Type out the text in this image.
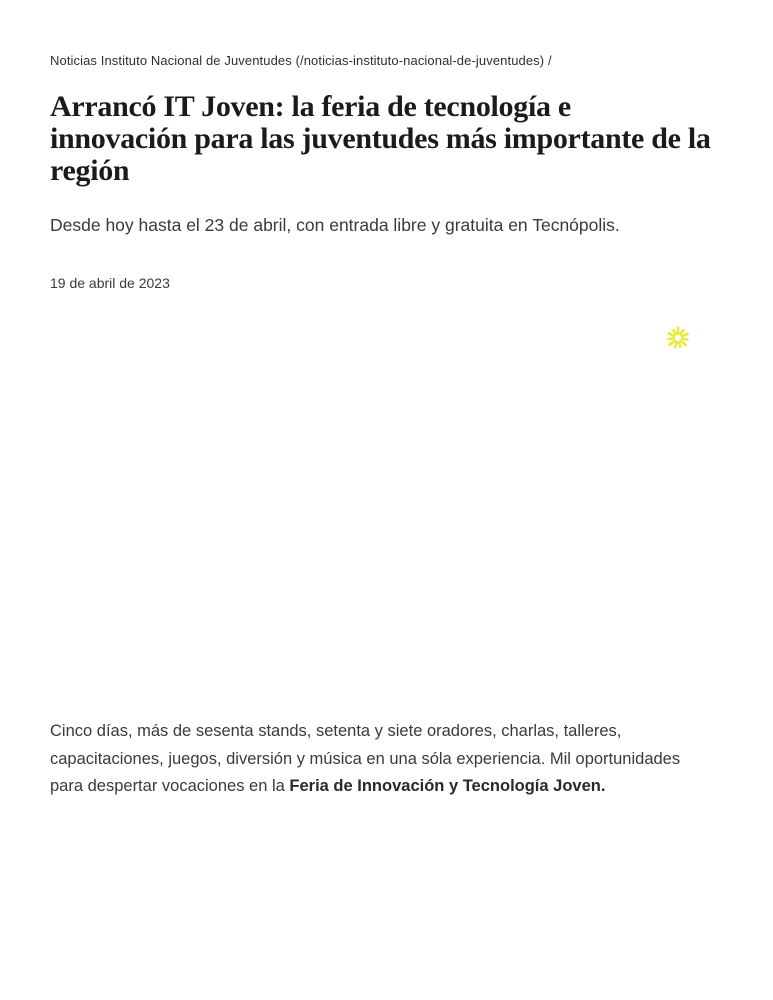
Noticias Instituto Nacional de Juventudes (/noticias-instituto-nacional-de-juventudes) /
Arrancó IT Joven: la feria de tecnología e innovación para las juventudes más importante de la región

Desde hoy hasta el 23 de abril, con entrada libre y gratuita en Tecnópolis.

19 de abril de 2023

Cinco días, más de sesenta stands, setenta y siete oradores, charlas, talleres, capacitaciones, juegos, diversión y música en una sóla experiencia. Mil oportunidades para despertar vocaciones en la Feria de Innovación y Tecnología Joven.
